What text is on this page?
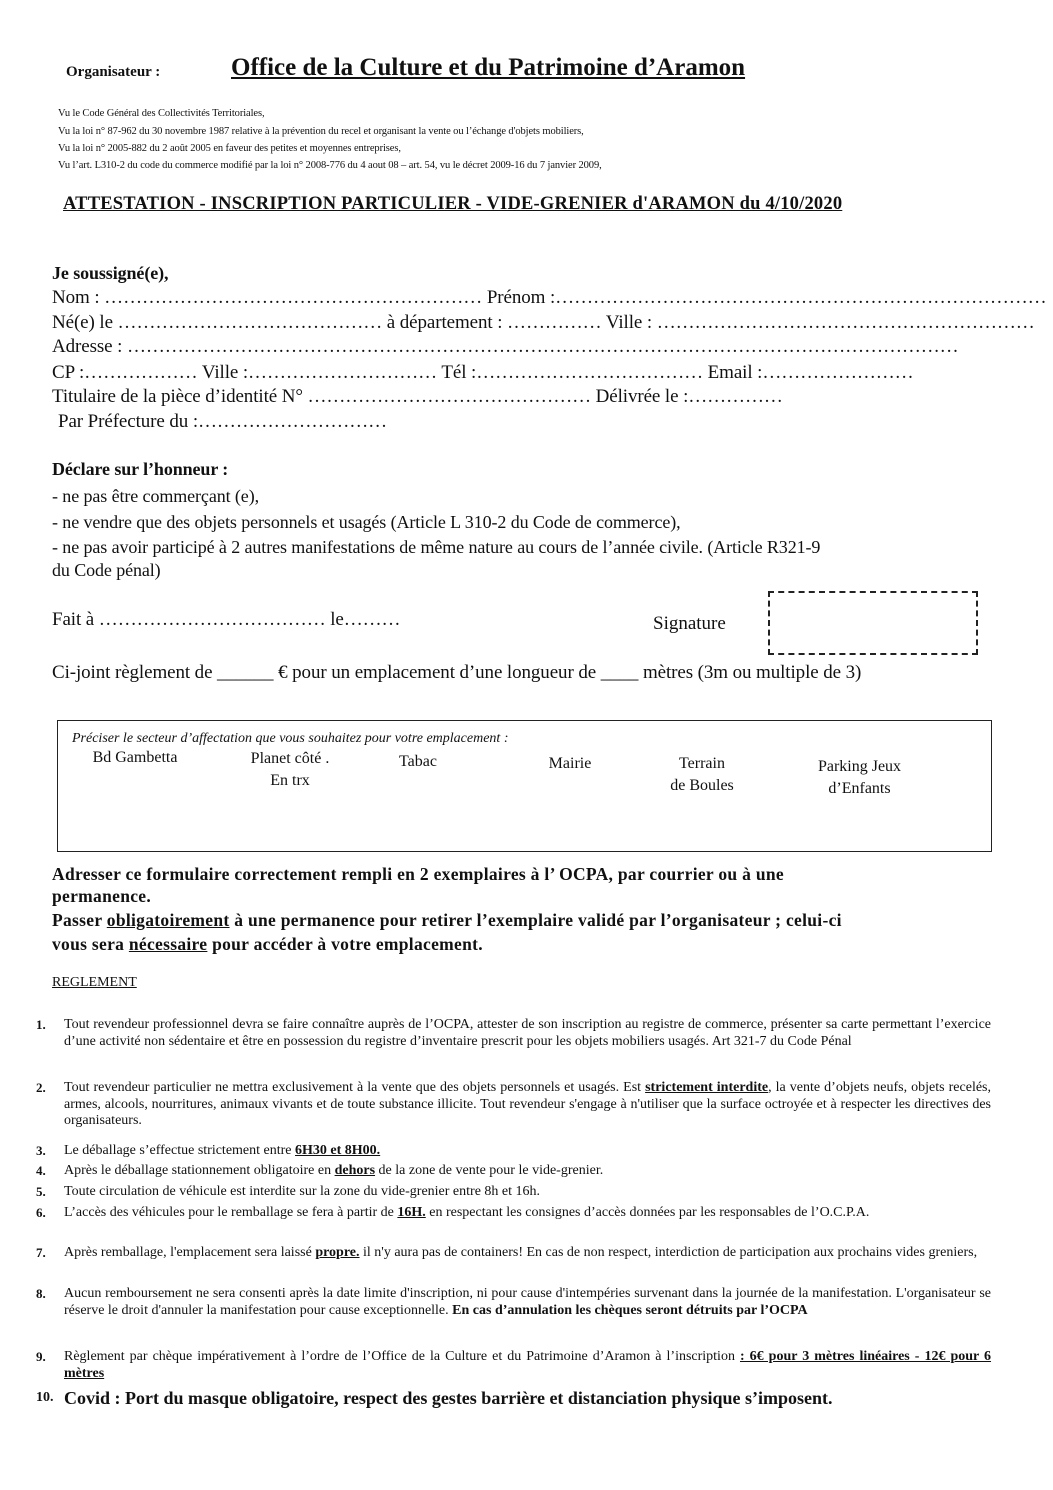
Organisateur :	Office de la Culture et du Patrimoine d’Aramon
Vu le Code Général des Collectivités Territoriales,
Vu la loi n° 87-962 du 30 novembre 1987 relative à la prévention du recel et organisant la vente ou l’échange d'objets mobiliers,
Vu la loi n° 2005-882 du 2 août 2005 en faveur des petites et moyennes entreprises,
Vu l’art. L310-2 du code du commerce modifié par la loi n° 2008-776 du 4 aout 08 – art. 54, vu le décret 2009-16 du 7 janvier 2009,
ATTESTATION - INSCRIPTION PARTICULIER - VIDE-GRENIER d'ARAMON du 4/10/2020
Je soussigné(e),
Nom : …………………………………………………… Prénom :……………………………………………………………………
Né(e) le …………………………………… à département : …………… Ville : ……………………………………………………
Adresse : ……………………………………………………………………………………………………………………
CP :……………… Ville :………………………… Tél :……………………………… Email :……………………
Titulaire de la pièce d’identité N° ……………………………………… Délivrée le :……………
Par Préfecture du :…………………………
Déclare sur l’honneur :
- ne pas être commerçant (e),
- ne vendre que des objets personnels et usagés (Article L 310-2 du Code de commerce),
- ne pas avoir participé à 2 autres manifestations de même nature au cours de l’année civile. (Article R321-9
du Code pénal)
Fait à ……………………………… le………	Signature
Ci-joint règlement de ______ € pour un emplacement d’une longueur de ____ mètres (3m ou multiple de 3)
Préciser le secteur d’affectation que vous souhaitez pour votre emplacement :
Bd Gambetta	Planet côté .
En trx
Tabac	Mairie	Terrain
de Boules
Parking Jeux
d’Enfants
Adresser ce formulaire correctement rempli en 2 exemplaires à l’ OCPA, par courrier ou à une
permanence.
Passer obligatoirement à une permanence pour retirer l’exemplaire validé par l’organisateur ; celui-ci
vous sera nécessaire pour accéder à votre emplacement.
REGLEMENT
1.	Tout revendeur professionnel devra se faire connaître auprès de l’OCPA, attester de son inscription au registre de commerce, présenter sa carte permettant l’exercice d’une activité non sédentaire et être en possession du registre d’inventaire prescrit pour les objets mobiliers usagés. Art 321-7 du Code Pénal
2.	Tout revendeur particulier ne mettra exclusivement à la vente que des objets personnels et usagés. Est strictement interdite, la vente d’objets neufs, objets recelés, armes, alcools, nourritures, animaux vivants et de toute substance illicite. Tout revendeur s'engage à n'utiliser que la surface octroyée et à respecter les directives des organisateurs.
3.	Le déballage s’effectue strictement entre 6H30 et 8H00.
4.	Après le déballage stationnement obligatoire en dehors de la zone de vente pour le vide-grenier.
5.	Toute circulation de véhicule est interdite sur la zone du vide-grenier entre 8h et 16h.
6.	L’accès des véhicules pour le remballage se fera à partir de 16H. en respectant les consignes d’accès données par les responsables de l’O.C.P.A.
7.	Après remballage, l'emplacement sera laissé propre. il n'y aura pas de containers! En cas de non respect, interdiction de participation aux prochains vides greniers,
8.	Aucun remboursement ne sera consenti après la date limite d'inscription, ni pour cause d'intempéries survenant dans la journée de la manifestation. L'organisateur se réserve le droit d'annuler la manifestation pour cause exceptionnelle. En cas d’annulation les chèques seront détruits par l’OCPA
9.	Règlement par chèque impérativement à l’ordre de l’Office de la Culture et du Patrimoine d’Aramon à l’inscription : 6€ pour 3 mètres linéaires - 12€ pour 6 mètres
10. Covid : Port du masque obligatoire, respect des gestes barrière et distanciation physique s’imposent.
